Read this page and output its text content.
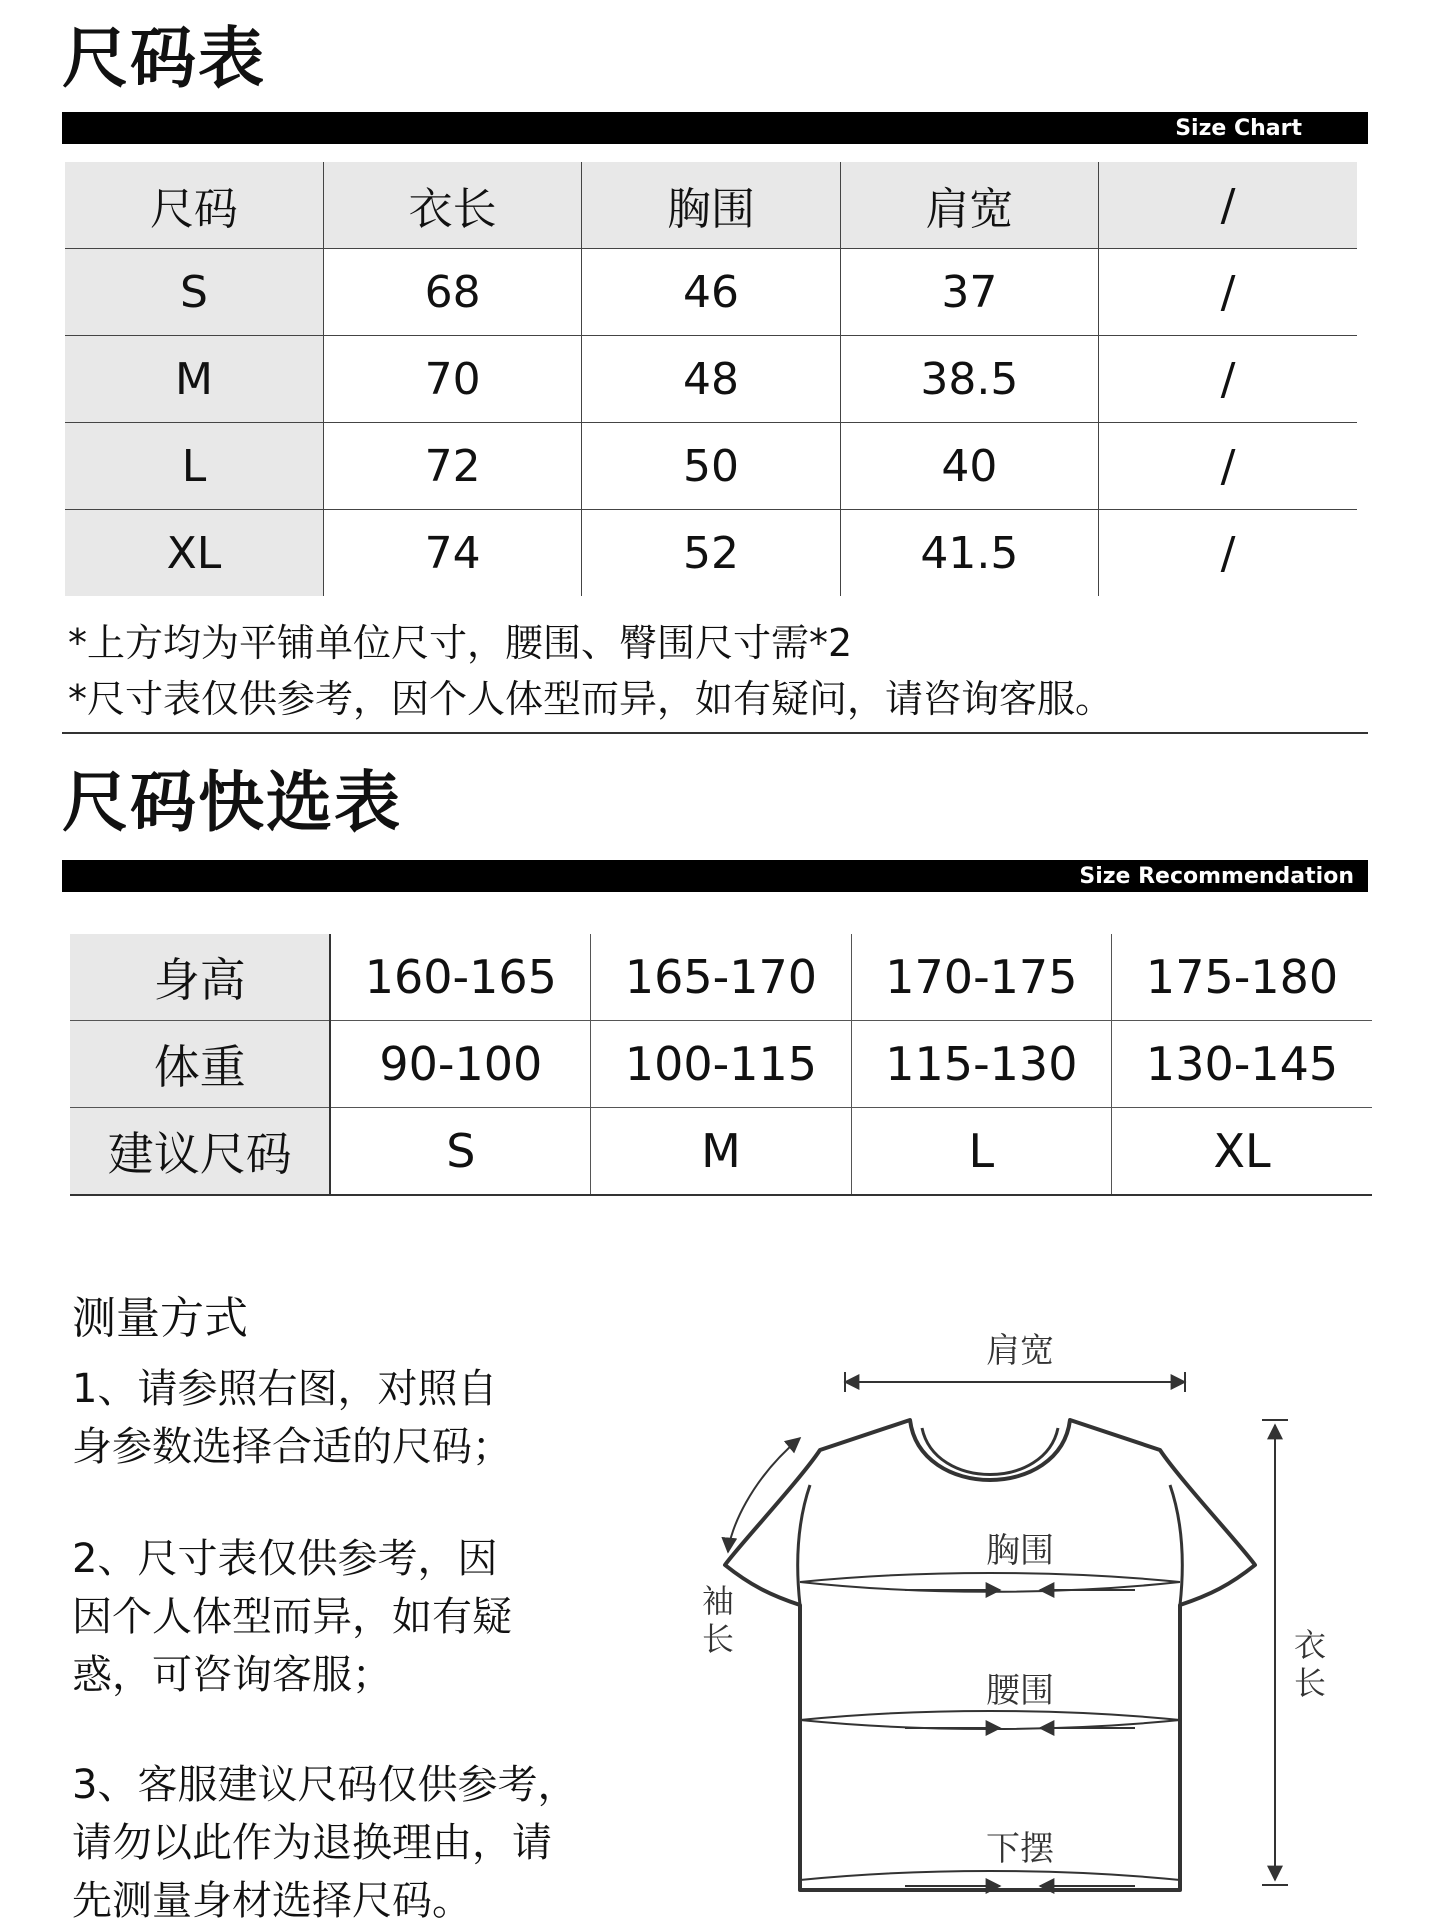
尺码表
Size Chart
尺码	衣长	胸围	肩宽	/
S	68	46	37	/
M	70	48	38.5	/
L	72	50	40	/
XL	74	52	41.5	/
*上方均为平铺单位尺寸，腰围、臀围尺寸需*2
*尺寸表仅供参考，因个人体型而异，如有疑问，请咨询客服。
尺码快选表
Size Recommendation
身高	160-165	165-170	170-175	175-180
体重	90-100	100-115	115-130	130-145
建议尺码	S	M	L	XL
测量方式
1、请参照右图，对照自
身参数选择合适的尺码；
2、尺寸表仅供参考，因
因个人体型而异，如有疑
惑，可咨询客服；
3、客服建议尺码仅供参考，
请勿以此作为退换理由，请
先测量身材选择尺码。
肩宽
胸围
腰围
下摆
袖
长	衣
长
